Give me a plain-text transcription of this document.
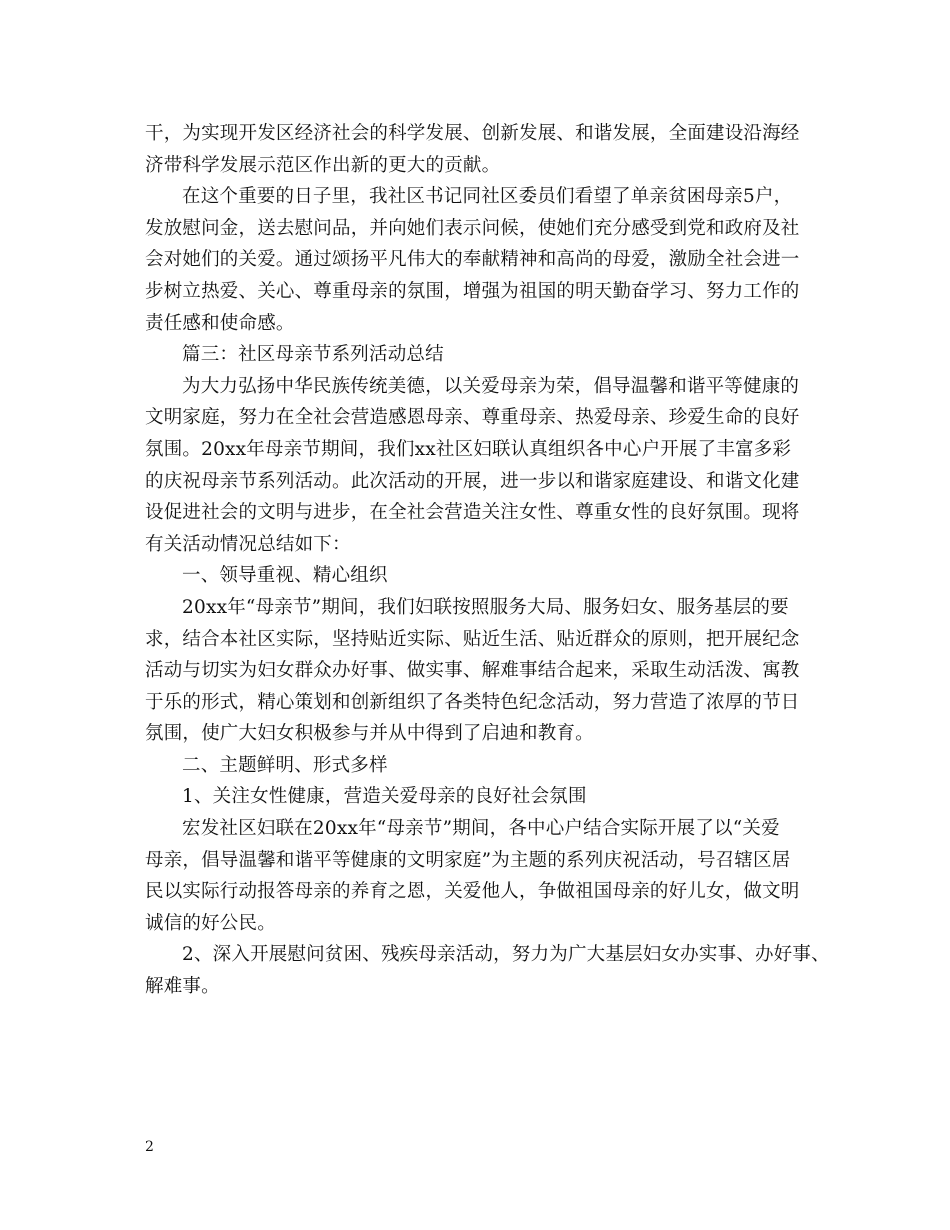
干，为实现开发区经济社会的科学发展、创新发展、和谐发展，全面建设沿海经
济带科学发展示范区作出新的更大的贡献。
在这个重要的日子里，我社区书记同社区委员们看望了单亲贫困母亲5户，
发放慰问金，送去慰问品，并向她们表示问候，使她们充分感受到党和政府及社
会对她们的关爱。通过颂扬平凡伟大的奉献精神和高尚的母爱，激励全社会进一
步树立热爱、关心、尊重母亲的氛围，增强为祖国的明天勤奋学习、努力工作的
责任感和使命感。
篇三：社区母亲节系列活动总结
为大力弘扬中华民族传统美德，以关爱母亲为荣，倡导温馨和谐平等健康的
文明家庭，努力在全社会营造感恩母亲、尊重母亲、热爱母亲、珍爱生命的良好
氛围。20xx年母亲节期间，我们xx社区妇联认真组织各中心户开展了丰富多彩
的庆祝母亲节系列活动。此次活动的开展，进一步以和谐家庭建设、和谐文化建
设促进社会的文明与进步，在全社会营造关注女性、尊重女性的良好氛围。现将
有关活动情况总结如下：
一、领导重视、精心组织
20xx年“母亲节”期间，我们妇联按照服务大局、服务妇女、服务基层的要
求，结合本社区实际，坚持贴近实际、贴近生活、贴近群众的原则，把开展纪念
活动与切实为妇女群众办好事、做实事、解难事结合起来，采取生动活泼、寓教
于乐的形式，精心策划和创新组织了各类特色纪念活动，努力营造了浓厚的节日
氛围，使广大妇女积极参与并从中得到了启迪和教育。
二、主题鲜明、形式多样
1、关注女性健康，营造关爱母亲的良好社会氛围
宏发社区妇联在20xx年“母亲节”期间，各中心户结合实际开展了以“关爱
母亲，倡导温馨和谐平等健康的文明家庭”为主题的系列庆祝活动，号召辖区居
民以实际行动报答母亲的养育之恩，关爱他人，争做祖国母亲的好儿女，做文明
诚信的好公民。
2、深入开展慰问贫困、残疾母亲活动，努力为广大基层妇女办实事、办好事、
解难事。
2
